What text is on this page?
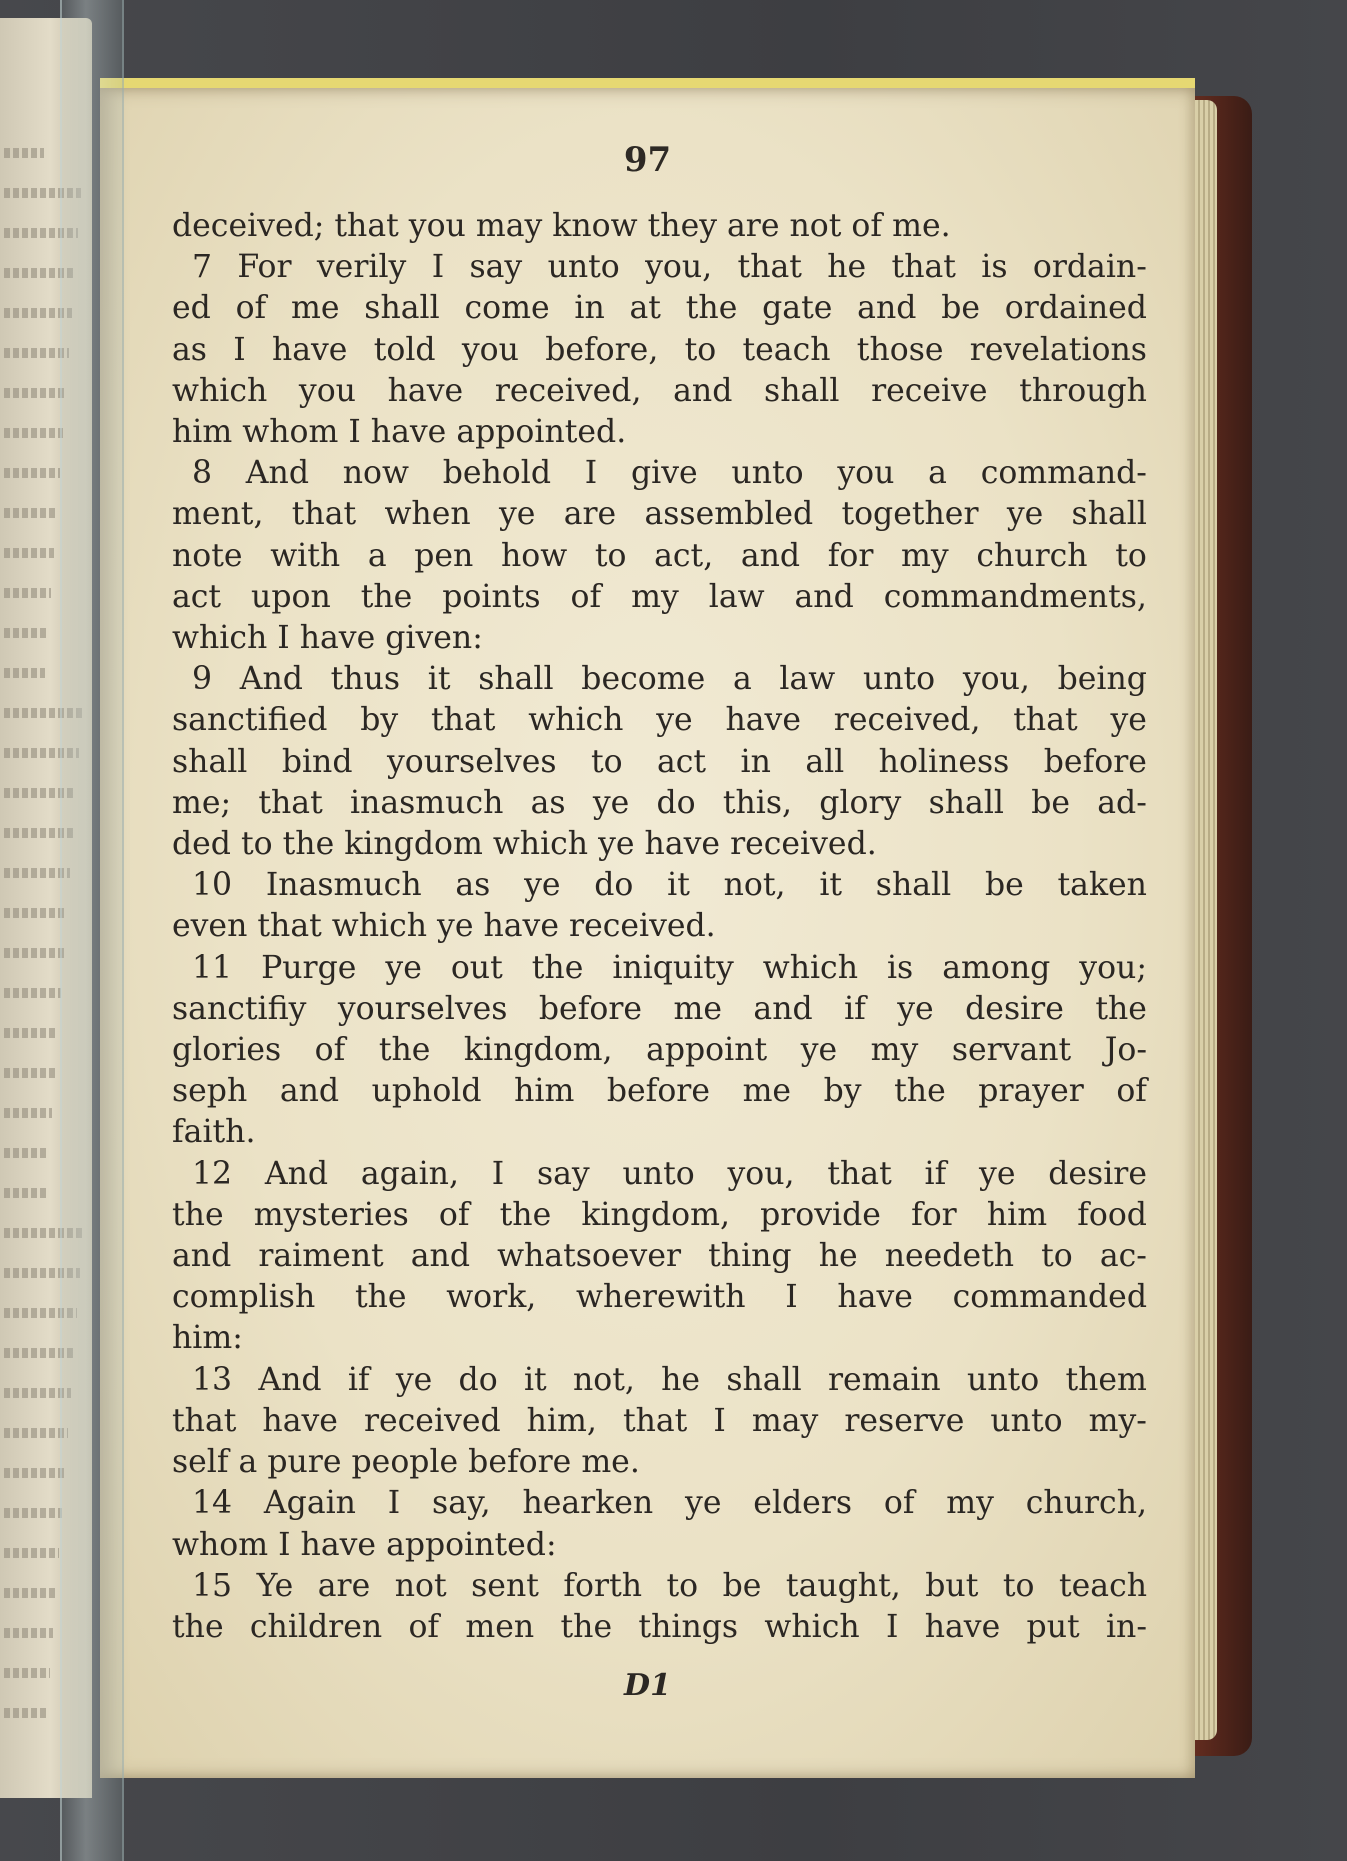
97
deceived; that you may know they are not of me.
7 For verily I say unto you, that he that is ordain-
ed of me shall come in at the gate and be ordained
as I have told you before, to teach those revelations
which you have received, and shall receive through
him whom I have appointed.
8 And now behold I give unto you a command-
ment, that when ye are assembled together ye shall
note with a pen how to act, and for my church to
act upon the points of my law and commandments,
which I have given:
9 And thus it shall become a law unto you, being
sanctified by that which ye have received, that ye
shall bind yourselves to act in all holiness before
me; that inasmuch as ye do this, glory shall be ad-
ded to the kingdom which ye have received.
10 Inasmuch as ye do it not, it shall be taken
even that which ye have received.
11 Purge ye out the iniquity which is among you;
sanctifiy yourselves before me and if ye desire the
glories of the kingdom, appoint ye my servant Jo-
seph and uphold him before me by the prayer of
faith.
12 And again, I say unto you, that if ye desire
the mysteries of the kingdom, provide for him food
and raiment and whatsoever thing he needeth to ac-
complish the work, wherewith I have commanded
him:
13 And if ye do it not, he shall remain unto them
that have received him, that I may reserve unto my-
self a pure people before me.
14 Again I say, hearken ye elders of my church,
whom I have appointed:
15 Ye are not sent forth to be taught, but to teach
the children of men the things which I have put in-
D1
